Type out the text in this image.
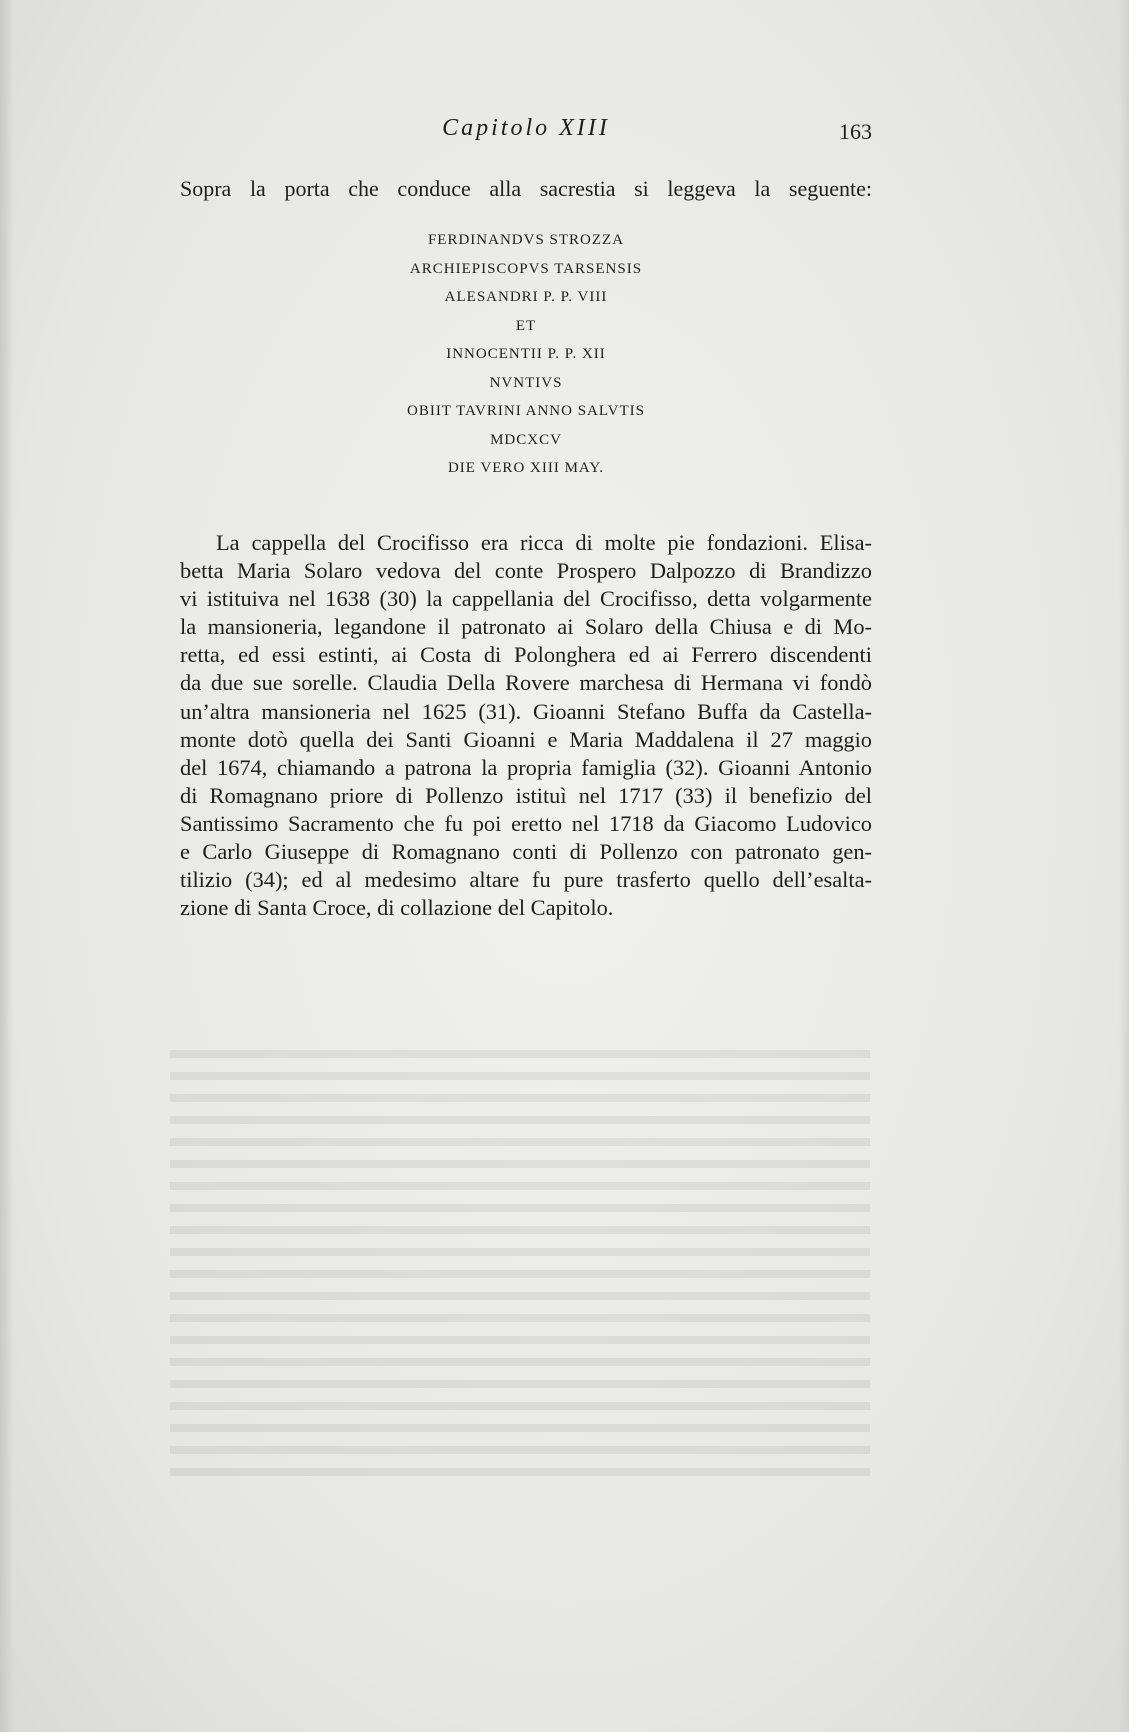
Capitolo XIII	163
Sopra la porta che conduce alla sacrestia si leggeva la seguente:
FERDINANDVS STROZZA
ARCHIEPISCOPVS TARSENSIS
ALESANDRI P. P. VIII
ET
INNOCENTII P. P. XII
NVNTIVS
OBIIT TAVRINI ANNO SALVTIS
MDCXCV
DIE VERO XIII MAY.
La cappella del Crocifisso era ricca di molte pie fondazioni. Elisa-
betta Maria Solaro vedova del conte Prospero Dalpozzo di Brandizzo
vi istituiva nel 1638 (30) la cappellania del Crocifisso, detta volgarmente
la mansioneria, legandone il patronato ai Solaro della Chiusa e di Mo-
retta, ed essi estinti, ai Costa di Polonghera ed ai Ferrero discendenti
da due sue sorelle. Claudia Della Rovere marchesa di Hermana vi fondò
un’altra mansioneria nel 1625 (31). Gioanni Stefano Buffa da Castella-
monte dotò quella dei Santi Gioanni e Maria Maddalena il 27 maggio
del 1674, chiamando a patrona la propria famiglia (32). Gioanni Antonio
di Romagnano priore di Pollenzo istituì nel 1717 (33) il benefizio del
Santissimo Sacramento che fu poi eretto nel 1718 da Giacomo Ludovico
e Carlo Giuseppe di Romagnano conti di Pollenzo con patronato gen-
tilizio (34); ed al medesimo altare fu pure trasferto quello dell’esalta-
zione di Santa Croce, di collazione del Capitolo.
